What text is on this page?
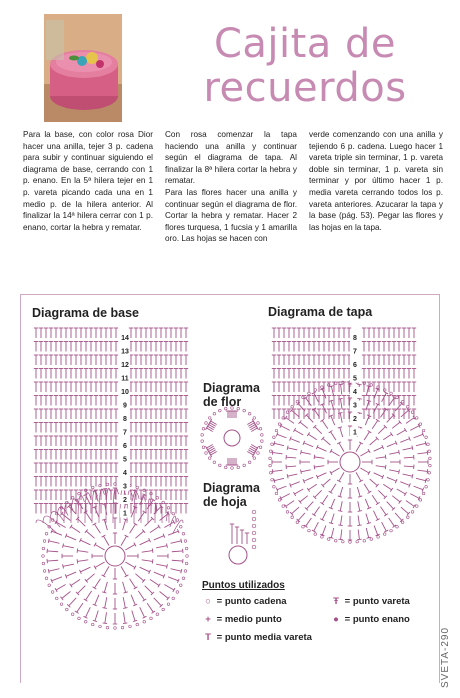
Cajita de
recuerdos

Para la base, con color rosa Dior hacer una anilla, tejer 3 p. cadena para subir y continuar siguiendo el diagrama de base, cerrando con 1 p. enano. En la 5ª hilera tejer en 1 p. vareta picando cada una en 1 medio p. de la hilera anterior. Al finalizar la 14ª hilera cerrar con 1 p. enano, cortar la hebra y rematar.

Con rosa comenzar la tapa haciendo una anilla y continuar según el diagrama de tapa. Al finalizar la 8ª hilera cortar la hebra y rematar.

Para las flores hacer una anilla y continuar según el diagrama de flor. Cortar la hebra y rematar. Hacer 2 flores turquesa, 1 fucsia y 1 amarilla oro. Las hojas se hacen con

verde comenzando con una anilla y tejiendo 6 p. cadena. Luego hacer 1 vareta triple sin terminar, 1 p. vareta doble sin terminar, 1 p. vareta sin terminar y por último hacer 1 p. media vareta cerrando todos los p. vareta anteriores. Azucarar la tapa y la base (pág. 53). Pegar las flores y las hojas en la tapa.

Diagrama de base	Diagrama de tapa
Diagrama de flor
Diagrama de hoja
14
13
12
11
10
9
8
7
6
5
4
3
2
1
8
7
6
5
4
3
2
1
Puntos utilizados
○ = punto cadena	Ŧ = punto vareta
+ = medio punto	● = punto enano
T = punto media vareta	SVETA-290
